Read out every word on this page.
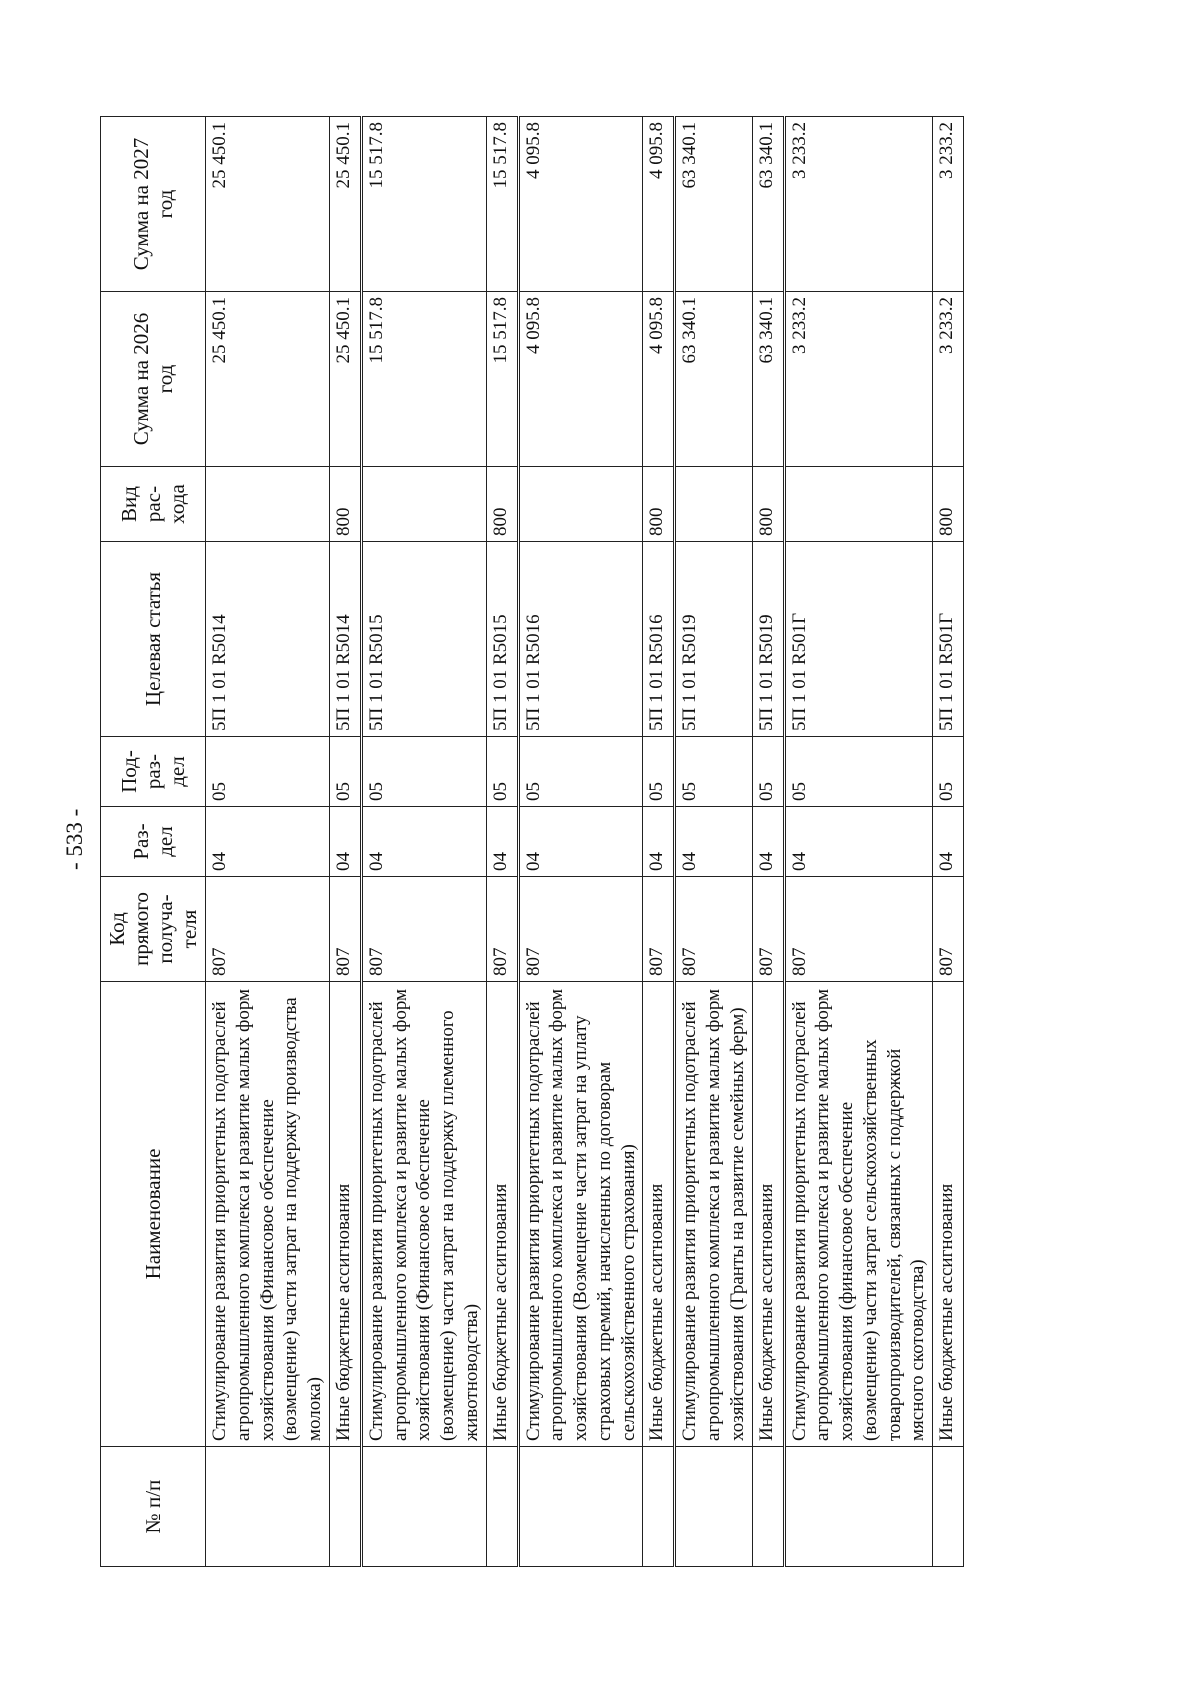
- 533 -
№ п/п	Наименование	Код прямого получа-теля	Раз-дел	Под-раз-дел	Целевая статья	Вид рас-хода	Сумма на 2026 год	Сумма на 2027 год
	Стимулирование развития приоритетных подотраслей агропромышленного комплекса и развитие малых форм хозяйствования (Финансовое обеспечение (возмещение) части затрат на поддержку производства молока)	807	04	05	5П 1 01 R5014		25 450.1	25 450.1
	Иные бюджетные ассигнования	807	04	05	5П 1 01 R5014	800	25 450.1	25 450.1
	Стимулирование развития приоритетных подотраслей агропромышленного комплекса и развитие малых форм хозяйствования (Финансовое обеспечение (возмещение) части затрат на поддержку племенного животноводства)	807	04	05	5П 1 01 R5015		15 517.8	15 517.8
	Иные бюджетные ассигнования	807	04	05	5П 1 01 R5015	800	15 517.8	15 517.8
	Стимулирование развития приоритетных подотраслей агропромышленного комплекса и развитие малых форм хозяйствования (Возмещение части затрат на уплату страховых премий, начисленных по договорам сельскохозяйственного страхования)	807	04	05	5П 1 01 R5016		4 095.8	4 095.8
	Иные бюджетные ассигнования	807	04	05	5П 1 01 R5016	800	4 095.8	4 095.8
	Стимулирование развития приоритетных подотраслей агропромышленного комплекса и развитие малых форм хозяйствования (Гранты на развитие семейных ферм)	807	04	05	5П 1 01 R5019		63 340.1	63 340.1
	Иные бюджетные ассигнования	807	04	05	5П 1 01 R5019	800	63 340.1	63 340.1
	Стимулирование развития приоритетных подотраслей агропромышленного комплекса и развитие малых форм хозяйствования (финансовое обеспечение (возмещение) части затрат сельскохозяйственных товаропроизводителей, связанных с поддержкой мясного скотоводства)	807	04	05	5П 1 01 R501Г		3 233.2	3 233.2
	Иные бюджетные ассигнования	807	04	05	5П 1 01 R501Г	800	3 233.2	3 233.2
